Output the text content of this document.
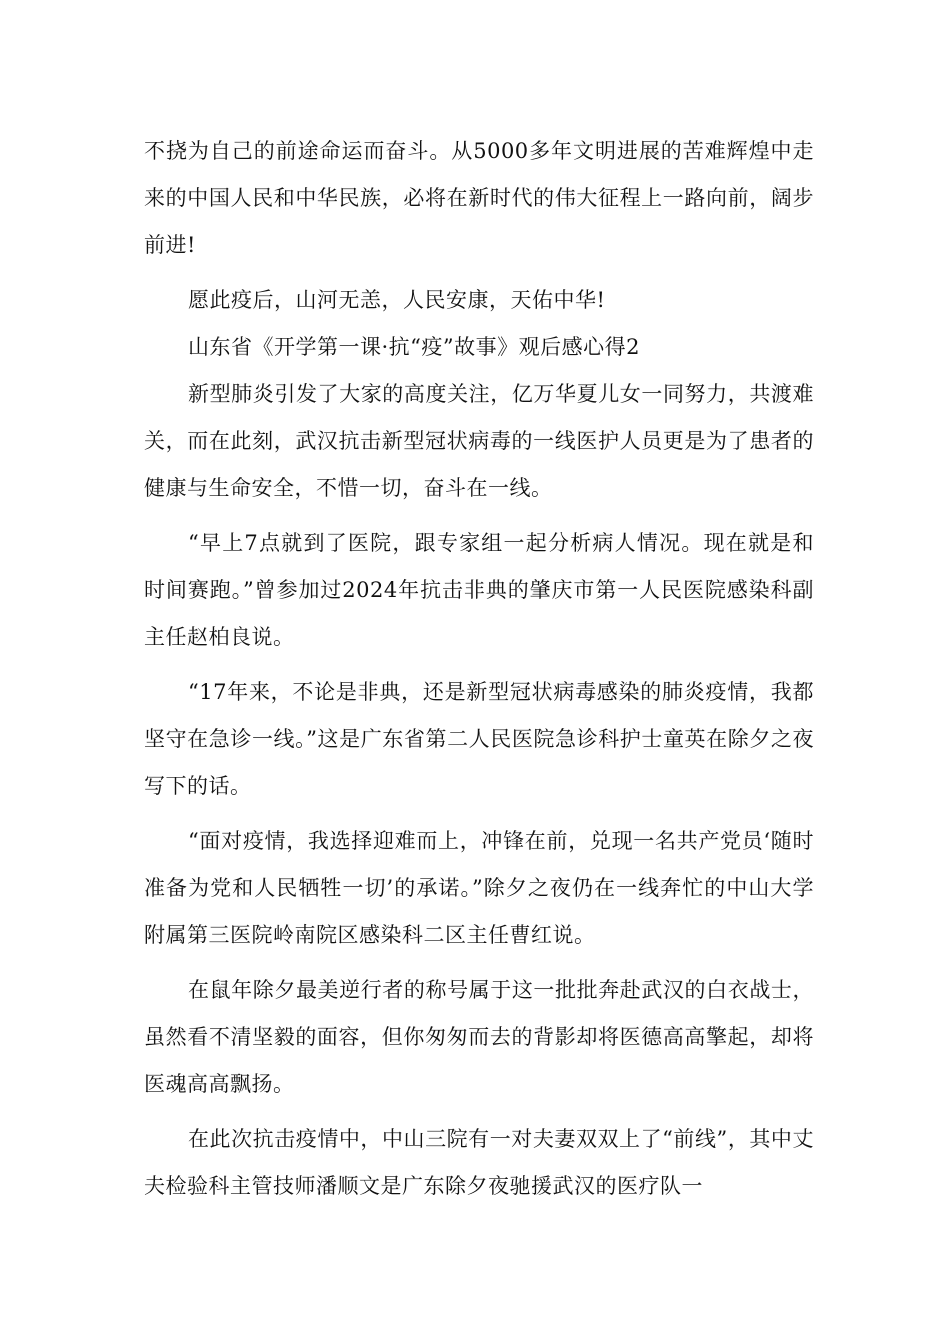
不挠为自己的前途命运而奋斗。从5000多年文明进展的苦难辉煌中走来的中国人民和中华民族，必将在新时代的伟大征程上一路向前，阔步前进!

愿此疫后，山河无恙，人民安康，天佑中华!

山东省《开学第一课·抗“疫”故事》观后感心得2

新型肺炎引发了大家的高度关注，亿万华夏儿女一同努力，共渡难关，而在此刻，武汉抗击新型冠状病毒的一线医护人员更是为了患者的健康与生命安全，不惜一切，奋斗在一线。

“早上7点就到了医院，跟专家组一起分析病人情况。现在就是和时间赛跑。”曾参加过2024年抗击非典的肇庆市第一人民医院感染科副主任赵柏良说。

“17年来，不论是非典，还是新型冠状病毒感染的肺炎疫情，我都坚守在急诊一线。”这是广东省第二人民医院急诊科护士童英在除夕之夜写下的话。

“面对疫情，我选择迎难而上，冲锋在前，兑现一名共产党员‘随时准备为党和人民牺牲一切’的承诺。”除夕之夜仍在一线奔忙的中山大学附属第三医院岭南院区感染科二区主任曹红说。

在鼠年除夕最美逆行者的称号属于这一批批奔赴武汉的白衣战士，虽然看不清坚毅的面容，但你匆匆而去的背影却将医德高高擎起，却将医魂高高飘扬。

在此次抗击疫情中，中山三院有一对夫妻双双上了“前线”，其中丈夫检验科主管技师潘顺文是广东除夕夜驰援武汉的医疗队一
